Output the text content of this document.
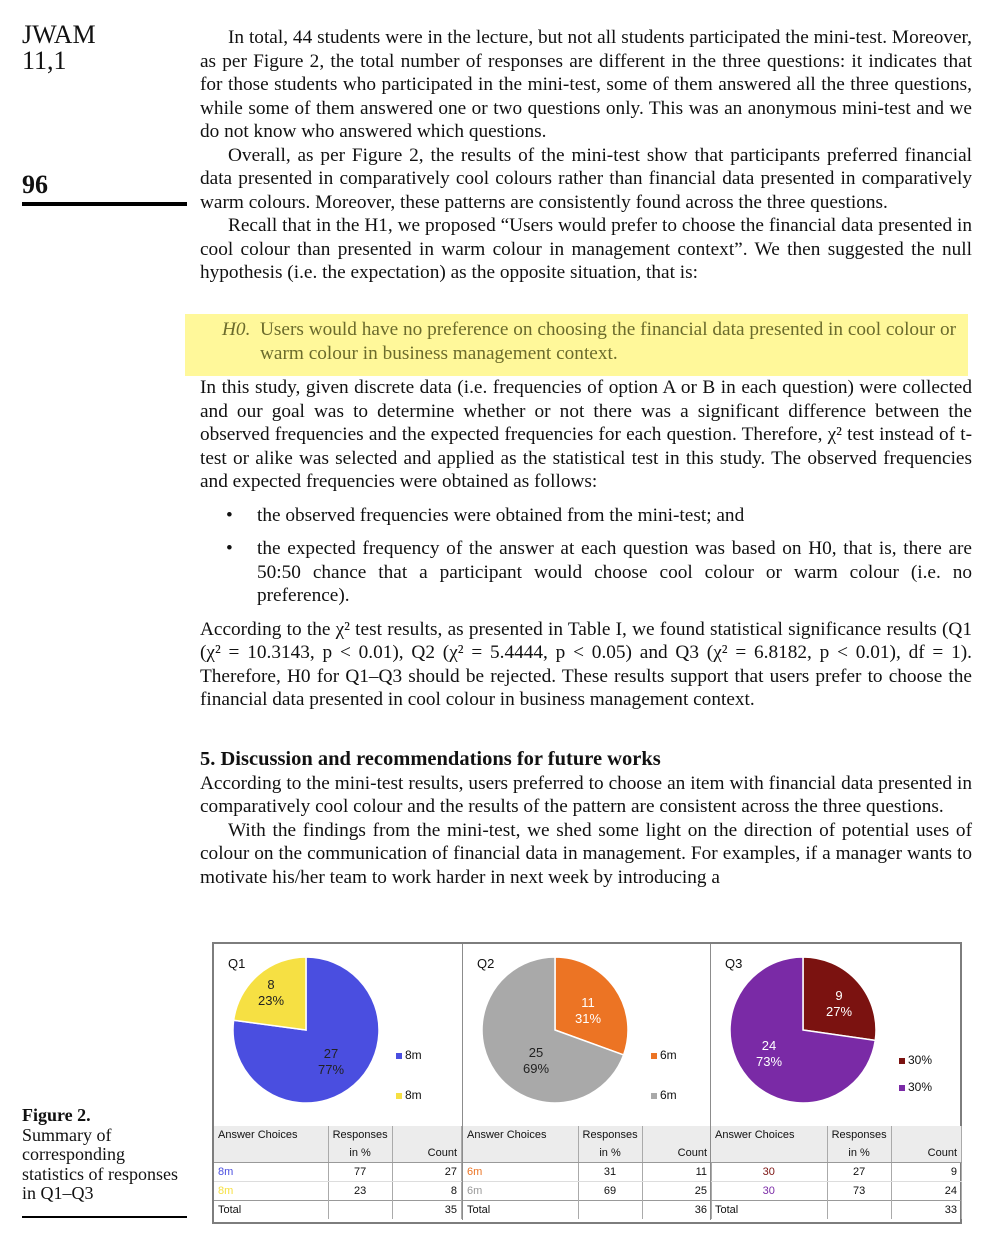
JWAM
11,1
96

In total, 44 students were in the lecture, but not all students participated the mini-test. Moreover, as per Figure 2, the total number of responses are different in the three questions: it indicates that for those students who participated in the mini-test, some of them answered all the three questions, while some of them answered one or two questions only. This was an anonymous mini-test and we do not know who answered which questions.

Overall, as per Figure 2, the results of the mini-test show that participants preferred financial data presented in comparatively cool colours rather than financial data presented in comparatively warm colours. Moreover, these patterns are consistently found across the three questions.

Recall that in the H1, we proposed “Users would prefer to choose the financial data presented in cool colour than presented in warm colour in management context”. We then suggested the null hypothesis (i.e. the expectation) as the opposite situation, that is:

H0. Users would have no preference on choosing the financial data presented in cool colour or warm colour in business management context.

In this study, given discrete data (i.e. frequencies of option A or B in each question) were collected and our goal was to determine whether or not there was a significant difference between the observed frequencies and the expected frequencies for each question. Therefore, χ² test instead of t-test or alike was selected and applied as the statistical test in this study. The observed frequencies and expected frequencies were obtained as follows:

• the observed frequencies were obtained from the mini-test; and
• the expected frequency of the answer at each question was based on H0, that is, there are 50:50 chance that a participant would choose cool colour or warm colour (i.e. no preference).

According to the χ² test results, as presented in Table I, we found statistical significance results (Q1 (χ² = 10.3143, p < 0.01), Q2 (χ² = 5.4444, p < 0.05) and Q3 (χ² = 6.8182, p < 0.01), df = 1). Therefore, H0 for Q1–Q3 should be rejected. These results support that users prefer to choose the financial data presented in cool colour in business management context.

5. Discussion and recommendations for future works

According to the mini-test results, users preferred to choose an item with financial data presented in comparatively cool colour and the results of the pattern are consistent across the three questions.

With the findings from the mini-test, we shed some light on the direction of potential uses of colour on the communication of financial data in management. For examples, if a manager wants to motivate his/her team to work harder in next week by introducing a

Figure 2.
Summary of corresponding statistics of responses in Q1–Q3
Q1
27
77%
8
23%
8m
8m
Answer Choices	Responses	
	in %	Count
8m	77	27
8m	23	8
Total		35
Q2
11
31%
25
69%
6m
6m
Answer Choices	Responses	
	in %	Count
6m	31	11
6m	69	25
Total		36
Q3
9
27%
24
73%	30%
30%
Answer Choices	Responses	
	in %	Count
30	27	9
30	73	24
Total		33
